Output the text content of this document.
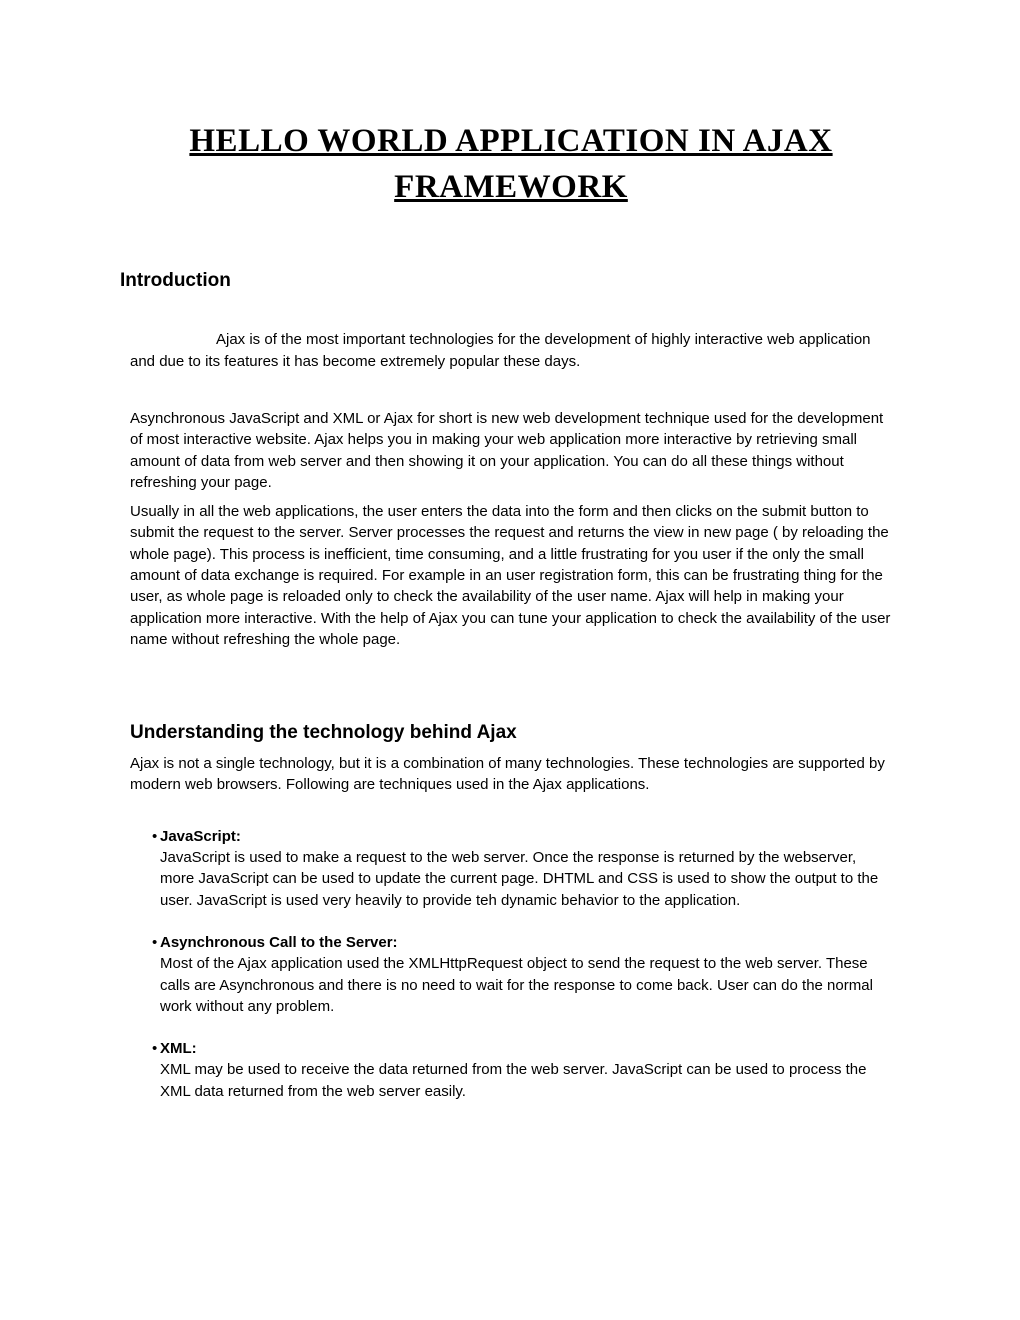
HELLO WORLD APPLICATION IN AJAX FRAMEWORK
Introduction

Ajax is of the most important technologies for the development of highly interactive web application and due to its features it has become extremely popular these days.

Asynchronous JavaScript and XML or Ajax for short is new web development technique used for the development of most interactive website. Ajax helps you in making your web application more interactive by retrieving small amount of data from web server and then showing it on your application. You can do all these things without refreshing your page.

Usually in all the web applications, the user enters the data into the form and then clicks on the submit button to submit the request to the server. Server processes the request and returns the view in new page ( by reloading the whole page). This process is inefficient, time consuming, and a little frustrating for you user if the only the small amount of data exchange is required. For example in an user registration form, this can be frustrating thing for the user, as whole page is reloaded only to check the availability of the user name. Ajax will help in making your application more interactive. With the help of Ajax you can tune your application to check the availability of the user name without refreshing the whole page.

Understanding the technology behind Ajax

Ajax is not a single technology, but it is a combination of many technologies. These technologies are supported by modern web browsers. Following are techniques used in the Ajax applications.

•
JavaScript:
JavaScript is used to make a request to the web server. Once the response is returned by the webserver, more JavaScript can be used to update the current page. DHTML and CSS is used to show the output to the user. JavaScript is used very heavily to provide teh dynamic behavior to the application.
•
Asynchronous Call to the Server:
Most of the Ajax application used the XMLHttpRequest object to send the request to the web server. These calls are Asynchronous and there is no need to wait for the response to come back. User can do the normal work without any problem.
•
XML:
XML may be used to receive the data returned from the web server. JavaScript can be used to process the XML data returned from the web server easily.
